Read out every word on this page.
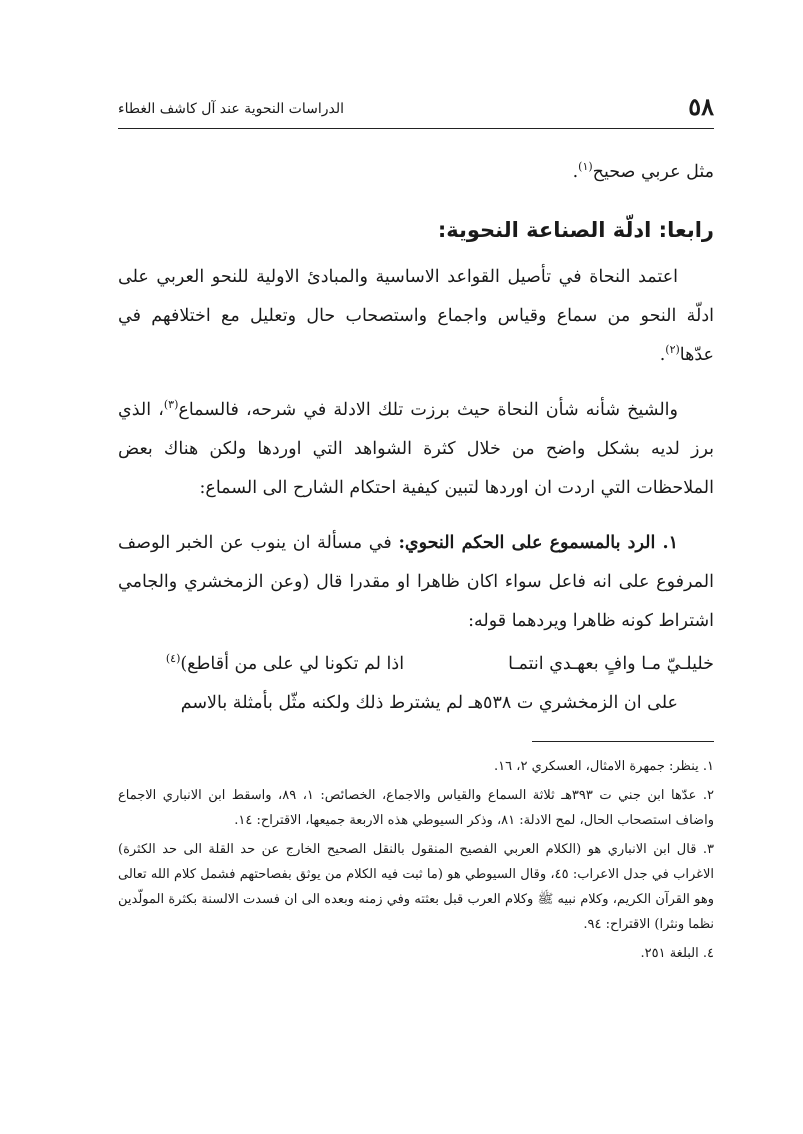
٥٨
الدراسات النحوية عند آل كاشف الغطاء

مثل عربي صحيح$^{(١)}$.

رابعا: ادلّة الصناعة النحوية:

اعتمد النحاة في تأصيل القواعد الاساسية والمبادئ الاولية للنحو العربي على ادلّة النحو من سماع وقياس واجماع واستصحاب حال وتعليل مع اختلافهم في عدّها$^{(٢)}$.

والشيخ شأنه شأن النحاة حيث برزت تلك الادلة في شرحه، فالسماع$^{(٣)}$، الذي برز لديه بشكل واضح من خلال كثرة الشواهد التي اوردها ولكن هناك بعض الملاحظات التي اردت ان اوردها لتبين كيفية احتكام الشارح الى السماع:

١. الرد بالمسموع على الحكم النحوي: في مسألة ان ينوب عن الخبر الوصف المرفوع على انه فاعل سواء اكان ظاهرا او مقدرا قال (وعن الزمخشري والجامي اشتراط كونه ظاهرا ويردهما قوله:

خليلـيّ مـا وافٍ بعهـدي انتمـا
اذا لم تكونا لي على من أقاطع)$^{(٤)}$

على ان الزمخشري ت ٥٣٨هـ لم يشترط ذلك ولكنه مثّل بأمثلة بالاسم

١. ينظر: جمهرة الامثال، العسكري ٢، ١٦.

٢. عدّها ابن جني ت ٣٩٣هـ ثلاثة السماع والقياس والاجماع، الخصائص: ١، ٨٩، واسقط ابن الانباري الاجماع واضاف استصحاب الحال، لمح الادلة: ٨١، وذكر السيوطي هذه الاربعة جميعها، الاقتراح: ١٤.

٣. قال ابن الانباري هو (الكلام العربي الفصيح المنقول بالنقل الصحيح الخارج عن حد القلة الى حد الكثرة) الاغراب في جدل الاعراب: ٤٥، وقال السيوطي هو (ما ثبت فيه الكلام من يوثق بفصاحتهم فشمل كلام الله تعالى وهو القرآن الكريم، وكلام نبيه ﷺ وكلام العرب قبل بعثته وفي زمنه وبعده الى ان فسدت الالسنة بكثرة المولّدين نظما ونثرا) الاقتراح: ٩٤.

٤. البلغة ٢٥١.
